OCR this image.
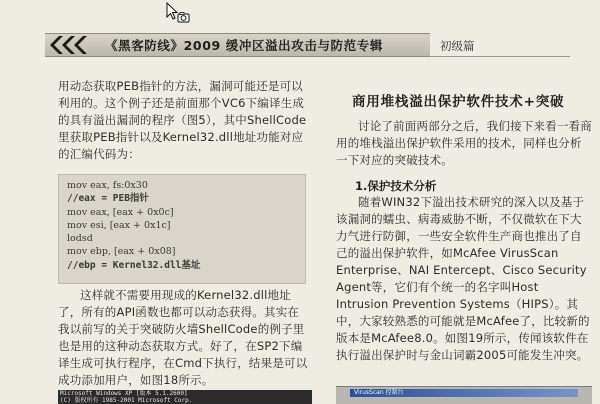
《黑客防线》2009 缓冲区溢出攻击与防范专辑	初级篇

用动态获取PEB指针的方法，漏洞可能还是可以利用的。这个例子还是前面那个VC6下编译生成的具有溢出漏洞的程序（图5），其中ShellCode里获取PEB指针以及Kernel32.dll地址功能对应的汇编代码为：

mov eax, fs:0x30
//eax = PEB指针
mov eax, [eax + 0x0c]
mov esi, [eax + 0x1c]
lodsd
mov ebp, [eax + 0x08]
//ebp = Kernel32.dll基址

这样就不需要用现成的Kernel32.dll地址了，所有的API函数也都可以动态获得。其实在我以前写的关于突破防火墙ShellCode的例子里也是用的这种动态获取方式。好了，在SP2下编译生成可执行程序，在Cmd下执行，结果是可以成功添加用户，如图18所示。

Microsoft Windows XP [版本 5.1.2600]
(C) 版权所有 1985-2001 Microsoft Corp.
商用堆栈溢出保护软件技术+突破

讨论了前面两部分之后，我们接下来看一看商用的堆栈溢出保护软件采用的技术，同样也分析一下对应的突破技术。

1.保护技术分析

随着WIN32下溢出技术研究的深入以及基于该漏洞的蠕虫、病毒威胁不断，不仅微软在下大力气进行防御，一些安全软件生产商也推出了自己的溢出保护软件，如McAfee VirusScan Enterprise、NAI Entercept、Cisco Security Agent等，它们有个统一的名字叫Host Intrusion Prevention Systems（HIPS）。其中，大家较熟悉的可能就是McAfee了，比较新的版本是McAfee8.0。如图19所示，传闻该软件在执行溢出保护时与金山词霸2005可能发生冲突。

VirusScan 控制台
